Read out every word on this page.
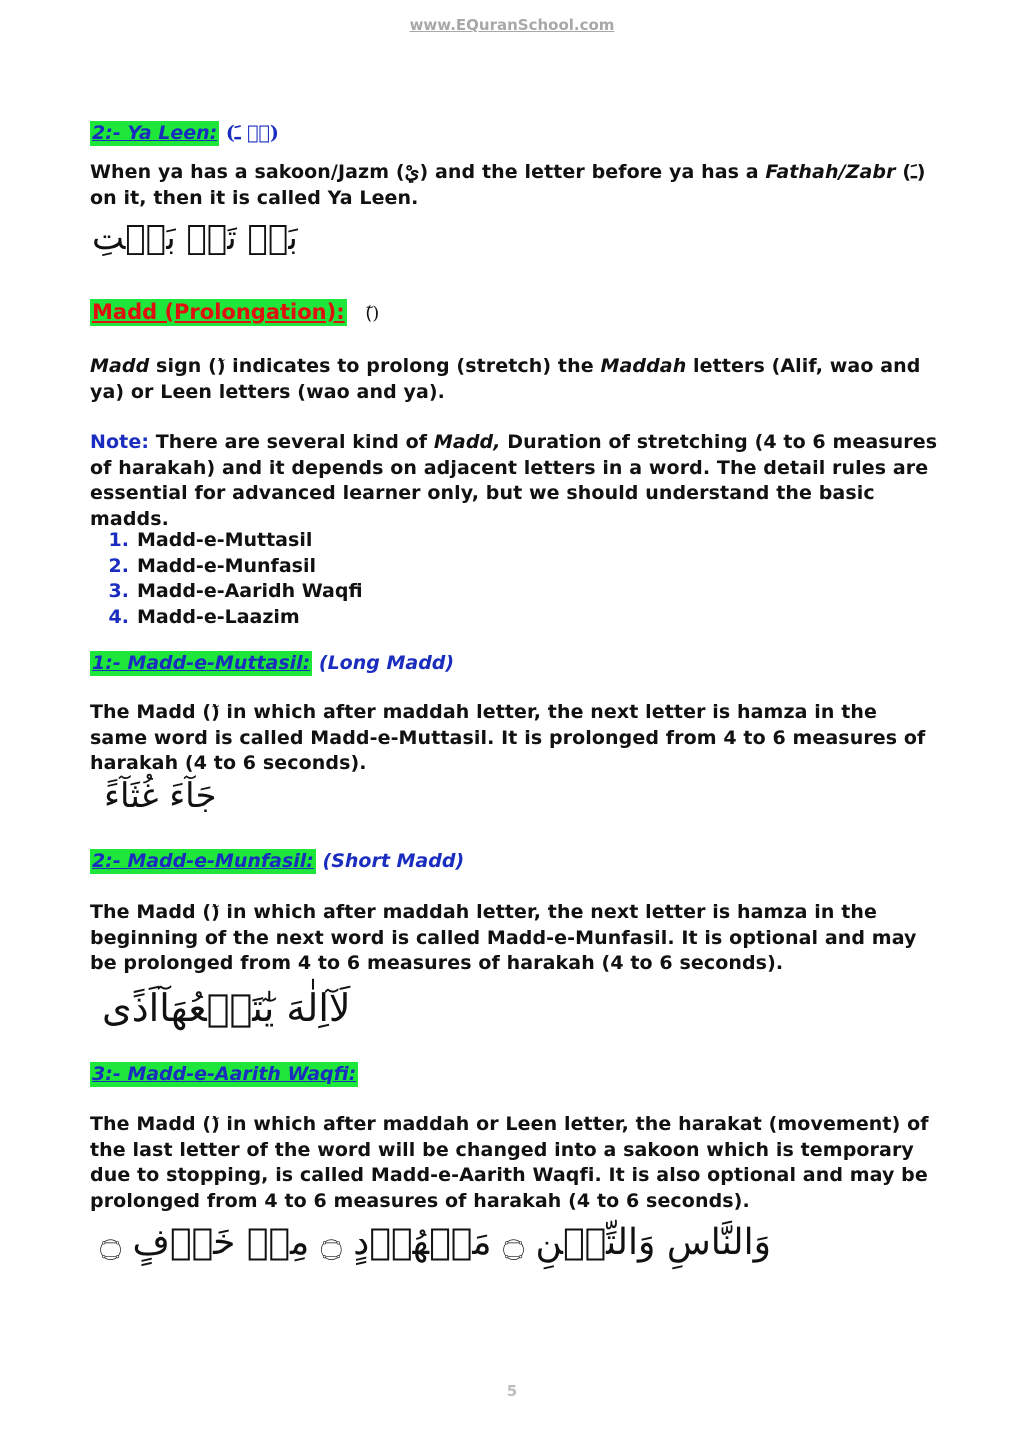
www.EQuranSchool.com
2:- Ya Leen: (يۡ ـَ)
When ya has a sakoon/Jazm (يْ) and the letter before ya has a Fathah/Zabr (ـَ) on it, then it is called Ya Leen.
بَيۡ تَيۡ بَيۡتِ
Madd (Prolongation): (ٓ)
Madd sign () indicates to prolong (stretch) the Maddah letters (Alif, wao and ya) or Leen letters (wao and ya).
Note: There are several kind of Madd, Duration of stretching (4 to 6 measures of harakah) and it depends on adjacent letters in a word. The detail rules are essential for advanced learner only, but we should understand the basic madds.
1. Madd-e-Muttasil
2. Madd-e-Munfasil
3. Madd-e-Aaridh Waqfi
4. Madd-e-Laazim
1:- Madd-e-Muttasil: (Long Madd)
The Madd () in which after maddah letter, the next letter is hamza in the same word is called Madd-e-Muttasil. It is prolonged from 4 to 6 measures of harakah (4 to 6 seconds).
جَآءَ غُثَآءً
2:- Madd-e-Munfasil: (Short Madd)
The Madd () in which after maddah letter, the next letter is hamza in the beginning of the next word is called Madd-e-Munfasil. It is optional and may be prolonged from 4 to 6 measures of harakah (4 to 6 seconds).
لَآاِلٰهَ يٰٓتَبۡعُهَآاَذًى
3:- Madd-e-Aarith Waqfi:
The Madd () in which after maddah or Leen letter, the harakat (movement) of the last letter of the word will be changed into a sakoon which is temporary due to stopping, is called Madd-e-Aarith Waqfi. It is also optional and may be prolonged from 4 to 6 measures of harakah (4 to 6 seconds).
وَالنَّاسِ وَالتِّيۡنِ ۝ مَشۡهُوۡدٍ ۝ مِنۡ خَوۡفٍ ۝
5
